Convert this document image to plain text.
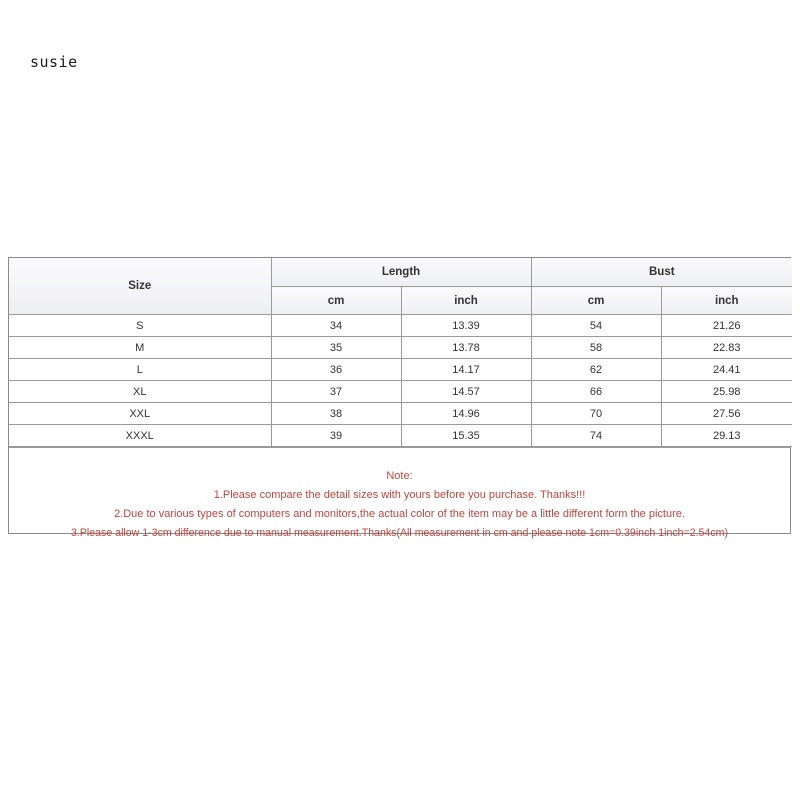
susie
Size	Length		Bust	
	cm	inch	cm	inch
S	34	13.39	54	21.26
M	35	13.78	58	22.83
L	36	14.17	62	24.41
XL	37	14.57	66	25.98
XXL	38	14.96	70	27.56
XXXL	39	15.35	74	29.13
Note:
1.Please compare the detail sizes with yours before you purchase. Thanks!!!
2.Due to various types of computers and monitors,the actual color of the item may be a little different form the picture.
3.Please allow 1-3cm difference due to manual measurement.Thanks(All measurement in cm and please note 1cm=0.39inch 1inch=2.54cm)
